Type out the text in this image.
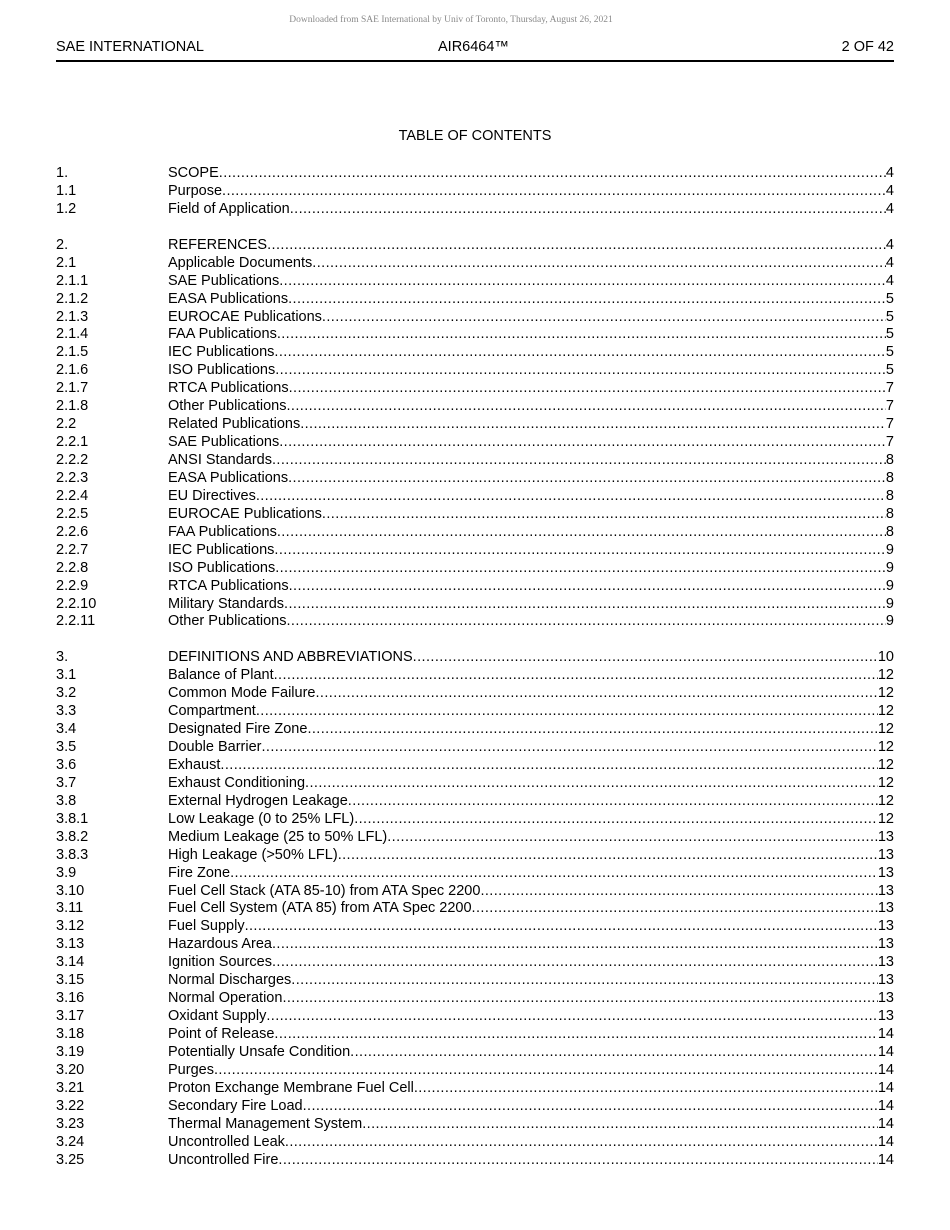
Downloaded from SAE International by Univ of Toronto, Thursday, August 26, 2021
SAE INTERNATIONAL	AIR6464™	2 OF 42
TABLE OF CONTENTS
1.	SCOPE .....	4
1.1	Purpose .....	4
1.2	Field of Application .....	4
2.	REFERENCES .....	4
2.1	Applicable Documents .....	4
2.1.1	SAE Publications .....	4
2.1.2	EASA Publications .....	5
2.1.3	EUROCAE Publications .....	5
2.1.4	FAA Publications .....	5
2.1.5	IEC Publications .....	5
2.1.6	ISO Publications .....	5
2.1.7	RTCA Publications .....	7
2.1.8	Other Publications .....	7
2.2	Related Publications .....	7
2.2.1	SAE Publications .....	7
2.2.2	ANSI Standards .....	8
2.2.3	EASA Publications .....	8
2.2.4	EU Directives .....	8
2.2.5	EUROCAE Publications .....	8
2.2.6	FAA Publications .....	8
2.2.7	IEC Publications .....	9
2.2.8	ISO Publications .....	9
2.2.9	RTCA Publications .....	9
2.2.10	Military Standards .....	9
2.2.11	Other Publications .....	9
3.	DEFINITIONS AND ABBREVIATIONS .....	10
3.1	Balance of Plant .....	12
3.2	Common Mode Failure .....	12
3.3	Compartment .....	12
3.4	Designated Fire Zone .....	12
3.5	Double Barrier .....	12
3.6	Exhaust .....	12
3.7	Exhaust Conditioning .....	12
3.8	External Hydrogen Leakage .....	12
3.8.1	Low Leakage (0 to 25% LFL) .....	12
3.8.2	Medium Leakage (25 to 50% LFL) .....	13
3.8.3	High Leakage (>50% LFL) .....	13
3.9	Fire Zone .....	13
3.10	Fuel Cell Stack (ATA 85-10) from ATA Spec 2200 .....	13
3.11	Fuel Cell System (ATA 85) from ATA Spec 2200 .....	13
3.12	Fuel Supply .....	13
3.13	Hazardous Area .....	13
3.14	Ignition Sources .....	13
3.15	Normal Discharges .....	13
3.16	Normal Operation .....	13
3.17	Oxidant Supply .....	13
3.18	Point of Release .....	14
3.19	Potentially Unsafe Condition .....	14
3.20	Purges .....	14
3.21	Proton Exchange Membrane Fuel Cell .....	14
3.22	Secondary Fire Load .....	14
3.23	Thermal Management System .....	14
3.24	Uncontrolled Leak .....	14
3.25	Uncontrolled Fire .....	14
